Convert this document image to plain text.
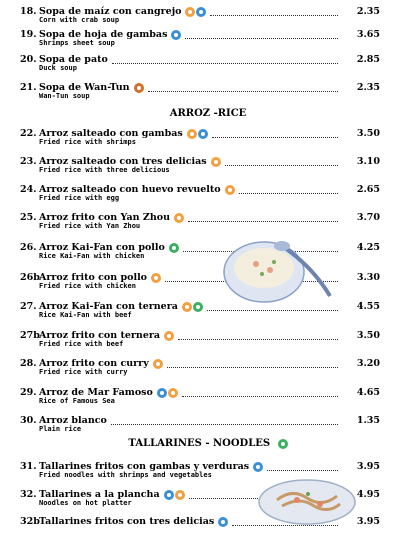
18. Sopa de maíz con cangrejo	2.35
Corn with crab soup
19. Sopa de hoja de gambas	3.65
Shrimps sheet soup
20. Sopa de pato	2.85
Duck soup
21. Sopa de Wan-Tun	2.35
Wan-Tun soup
22. Arroz salteado con gambas	3.50
Fried rice with shrimps
23. Arroz salteado con tres delicias	3.10
Fried rice with three delicious
24. Arroz salteado con huevo revuelto	2.65
Fried rice with egg
25. Arroz frito con Yan Zhou	3.70
Fried rice with Yan Zhou
26. Arroz Kai-Fan con pollo	4.25
Rice Kai-Fan with chicken
26b Arroz frito con pollo	3.30
Fried rice with chicken
27. Arroz Kai-Fan con ternera	4.55
Rice Kai-Fan with beef
27b Arroz frito con ternera	3.50
Fried rice with beef
28. Arroz frito con curry	3.20
Fried rice with curry
29. Arroz de Mar Famoso	4.65
Rice of Famous Sea
30. Arroz blanco	1.35
Plain rice
31. Tallarines fritos con gambas y verduras	3.95
Fried noodles with shrimps and vegetables
32. Tallarines a la plancha	4.95
Noodles on hot platter
32b Tallarines fritos con tres delicias	3.95
ARROZ -RICE
TALLARINES - NOODLES
